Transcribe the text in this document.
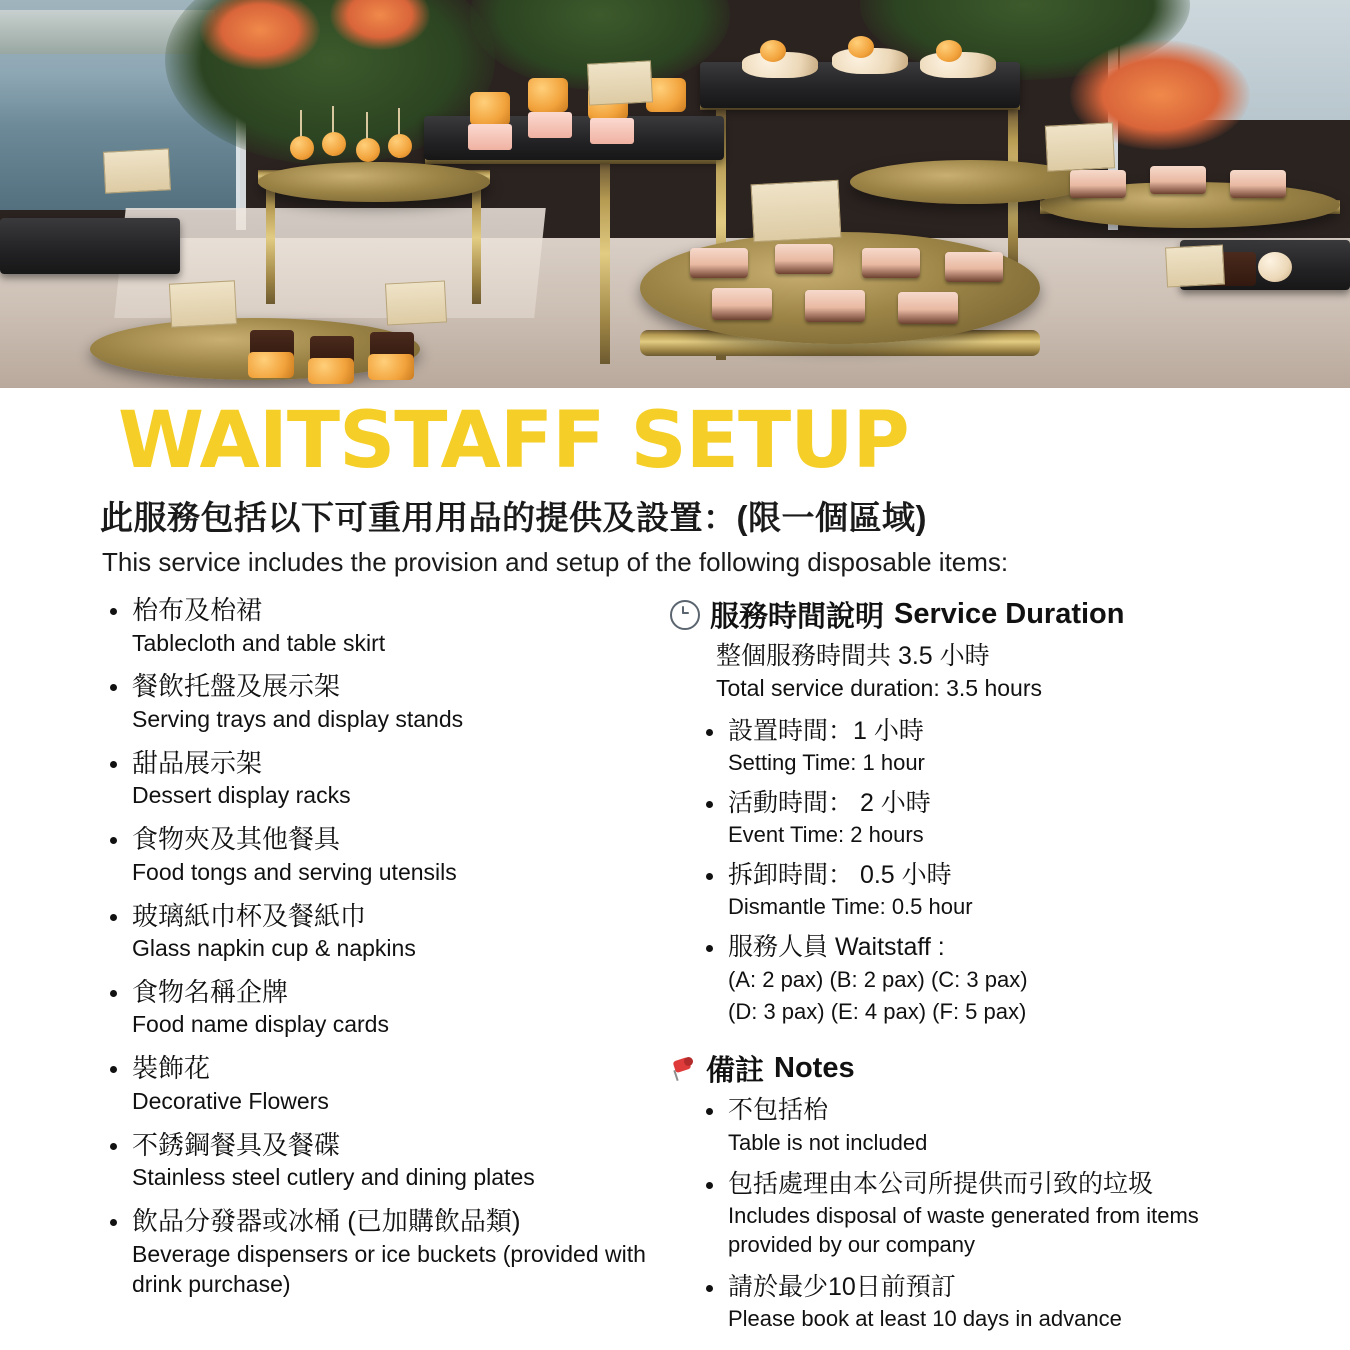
WAITSTAFF SETUP
此服務包括以下可重用用品的提供及設置：(限一個區域)
This service includes the provision and setup of the following disposable items:
枱布及枱裙
Tablecloth and table skirt
餐飲托盤及展示架
Serving trays and display stands
甜品展示架
Dessert display racks
食物夾及其他餐具
Food tongs and serving utensils
玻璃紙巾杯及餐紙巾
Glass napkin cup & napkins
食物名稱企牌
Food name display cards
裝飾花
Decorative Flowers
不銹鋼餐具及餐碟
Stainless steel cutlery and dining plates
飲品分發器或冰桶 (已加購飲品類)
Beverage dispensers or ice buckets (provided with drink purchase)
服務時間說明 Service Duration
整個服務時間共 3.5 小時
Total service duration: 3.5 hours
設置時間：1 小時
Setting Time: 1 hour
活動時間： 2 小時
Event Time: 2 hours
拆卸時間： 0.5 小時
Dismantle Time: 0.5 hour
服務人員 Waitstaff :
(A: 2 pax) (B: 2 pax) (C: 3 pax)
(D: 3 pax) (E: 4 pax) (F: 5 pax)
備註 Notes
不包括枱
Table is not included
包括處理由本公司所提供而引致的垃圾
Includes disposal of waste generated from items provided by our company
請於最少10日前預訂
Please book at least 10 days in advance
